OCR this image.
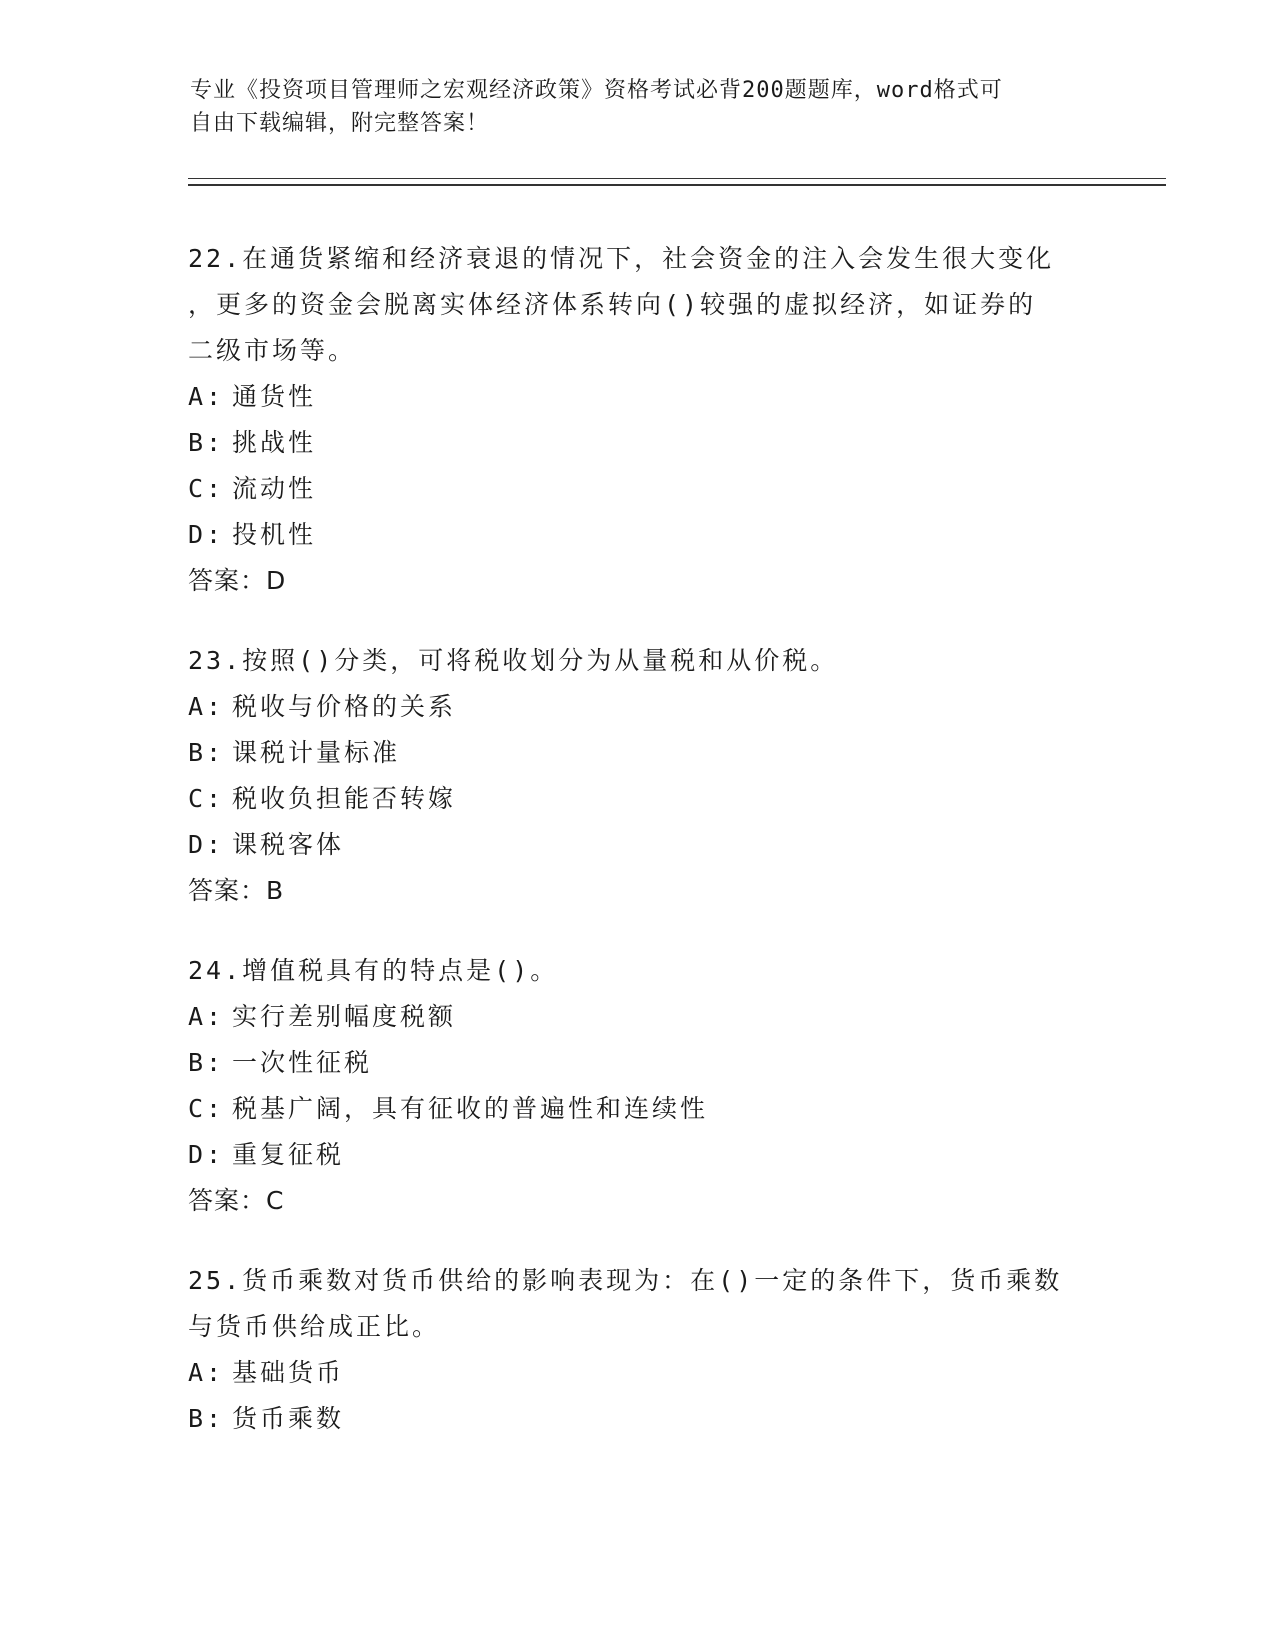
专业《投资项目管理师之宏观经济政策》资格考试必背200题题库，word格式可
自由下载编辑，附完整答案！
22.在通货紧缩和经济衰退的情况下，社会资金的注入会发生很大变化
，更多的资金会脱离实体经济体系转向()较强的虚拟经济，如证券的
二级市场等。
A: 通货性
B: 挑战性
C: 流动性
D: 投机性
答案：D
23.按照()分类，可将税收划分为从量税和从价税。
A: 税收与价格的关系
B: 课税计量标准
C: 税收负担能否转嫁
D: 课税客体
答案：B
24.增值税具有的特点是()。
A: 实行差别幅度税额
B: 一次性征税
C: 税基广阔，具有征收的普遍性和连续性
D: 重复征税
答案：C
25.货币乘数对货币供给的影响表现为：在()一定的条件下，货币乘数
与货币供给成正比。
A: 基础货币
B: 货币乘数
